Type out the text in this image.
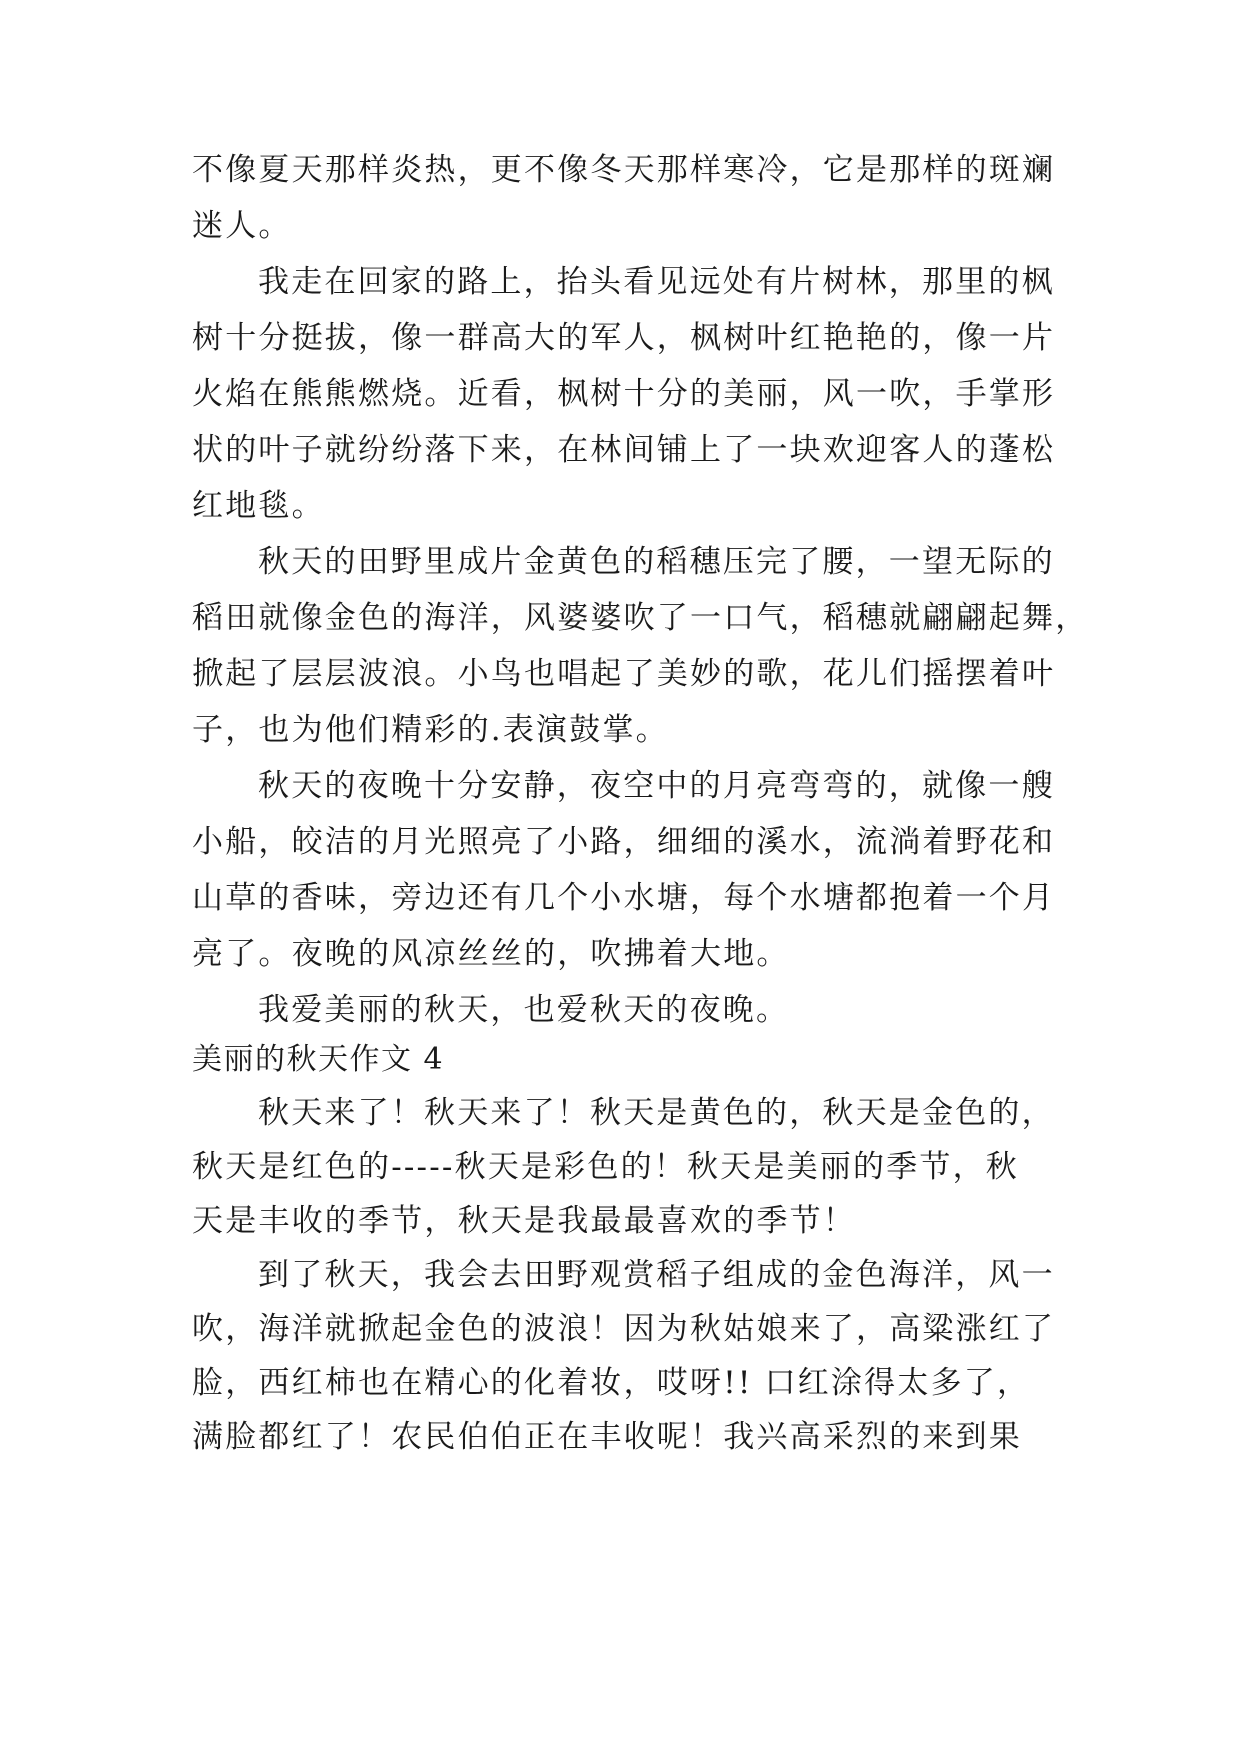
不像夏天那样炎热，更不像冬天那样寒冷，它是那样的斑斓
迷人。
我走在回家的路上，抬头看见远处有片树林，那里的枫
树十分挺拔，像一群高大的军人，枫树叶红艳艳的，像一片
火焰在熊熊燃烧。近看，枫树十分的美丽，风一吹，手掌形
状的叶子就纷纷落下来，在林间铺上了一块欢迎客人的蓬松
红地毯。
秋天的田野里成片金黄色的稻穗压完了腰，一望无际的
稻田就像金色的海洋，风婆婆吹了一口气，稻穗就翩翩起舞，
掀起了层层波浪。小鸟也唱起了美妙的歌，花儿们摇摆着叶
子，也为他们精彩的.表演鼓掌。
秋天的夜晚十分安静，夜空中的月亮弯弯的，就像一艘
小船，皎洁的月光照亮了小路，细细的溪水，流淌着野花和
山草的香味，旁边还有几个小水塘，每个水塘都抱着一个月
亮了。夜晚的风凉丝丝的，吹拂着大地。
我爱美丽的秋天，也爱秋天的夜晚。
美丽的秋天作文 4
秋天来了！秋天来了！秋天是黄色的，秋天是金色的，
秋天是红色的-----秋天是彩色的！秋天是美丽的季节，秋
天是丰收的季节，秋天是我最最喜欢的季节！
到了秋天，我会去田野观赏稻子组成的金色海洋，风一
吹，海洋就掀起金色的波浪！因为秋姑娘来了，高粱涨红了
脸，西红柿也在精心的化着妆，哎呀!! 口红涂得太多了，
满脸都红了！农民伯伯正在丰收呢！我兴高采烈的来到果
